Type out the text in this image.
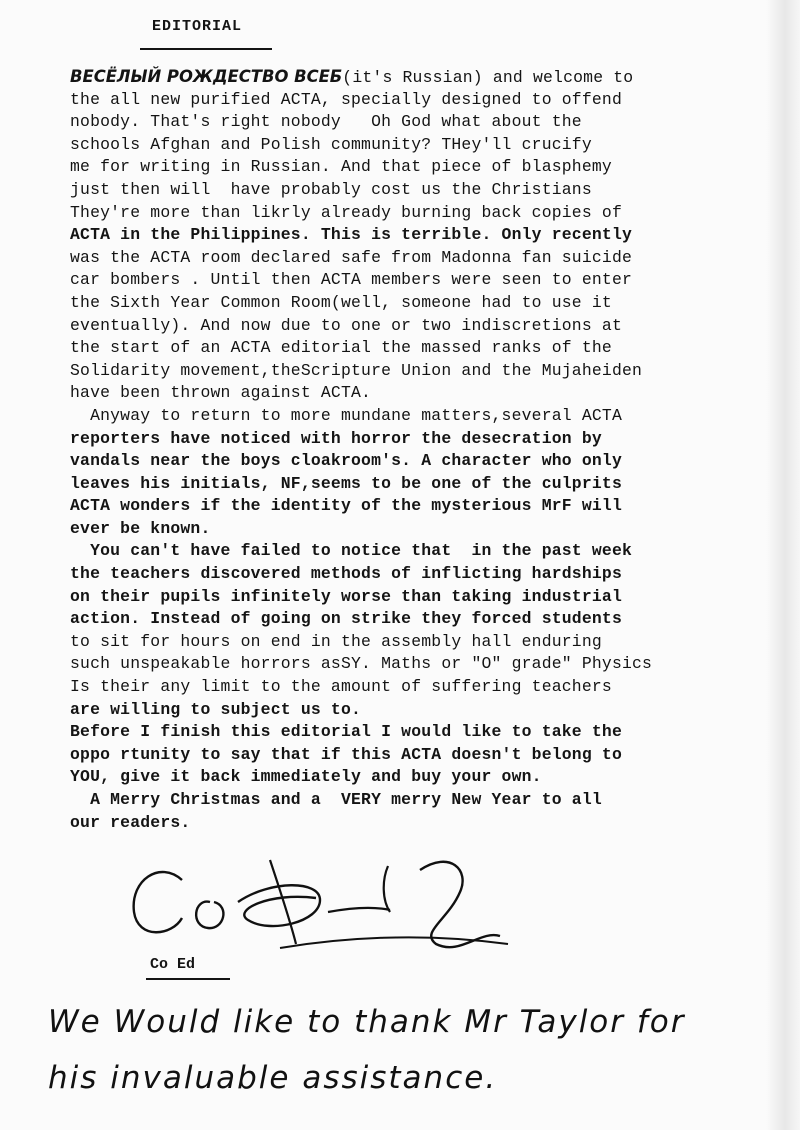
EDITORIAL
ВЕСЁЛЫЙ РОЖДЕСТВО ВСЕБ(it's Russian) and welcome to
the all new purified ACTA, specially designed to offend
nobody. That's right nobody   Oh God what about the
schools Afghan and Polish community? THey'll crucify
me for writing in Russian. And that piece of blasphemy
just then will  have probably cost us the Christians
They're more than likrly already burning back copies of
ACTA in the Philippines. This is terrible. Only recently
was the ACTA room declared safe from Madonna fan suicide
car bombers . Until then ACTA members were seen to enter
the Sixth Year Common Room(well, someone had to use it
eventually). And now due to one or two indiscretions at
the start of an ACTA editorial the massed ranks of the
Solidarity movement,theScripture Union and the Mujaheiden
have been thrown against ACTA.
Anyway to return to more mundane matters,several ACTA
reporters have noticed with horror the desecration by
vandals near the boys cloakroom's. A character who only
leaves his initials, NF,seems to be one of the culprits
ACTA wonders if the identity of the mysterious MrF will
ever be known.
You can't have failed to notice that  in the past week
the teachers discovered methods of inflicting hardships
on their pupils infinitely worse than taking industrial
action. Instead of going on strike they forced students
to sit for hours on end in the assembly hall enduring
such unspeakable horrors asSY. Maths or "O" grade" Physics
Is their any limit to the amount of suffering teachers
are willing to subject us to.
Before I finish this editorial I would like to take the
oppo rtunity to say that if this ACTA doesn't belong to
YOU, give it back immediately and buy your own.
A Merry Christmas and a  VERY merry New Year to all
our readers.
Co Ed
We Would like to thank Mr Taylor for
his invaluable assistance.
